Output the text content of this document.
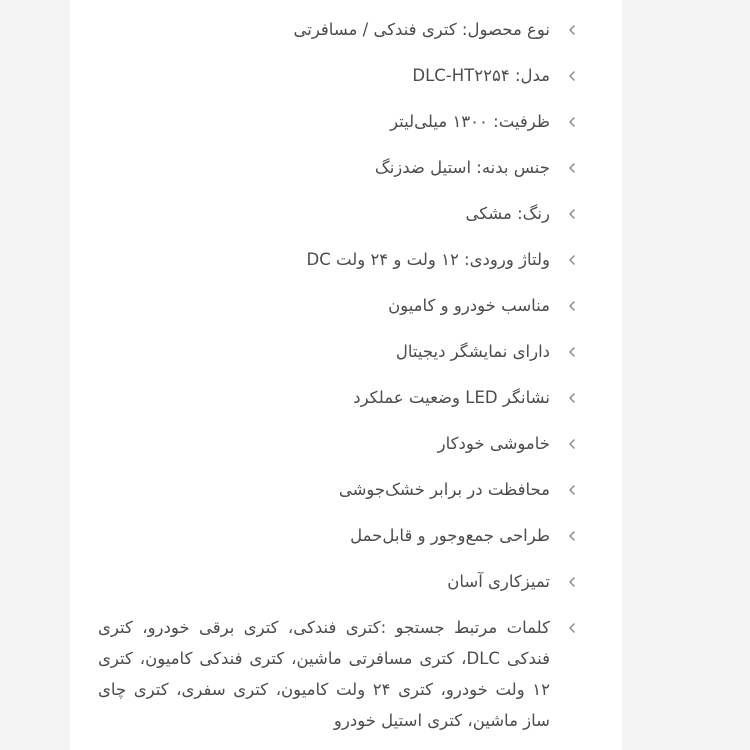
نوع محصول: کتری فندکی / مسافرتی
مدل: DLC-HT۲۲۵۴
ظرفیت: ۱۳۰۰ میلی‌لیتر
جنس بدنه: استیل ضدزنگ
رنگ: مشکی
ولتاژ ورودی: ۱۲ ولت و ۲۴ ولت DC
مناسب خودرو و کامیون
دارای نمایشگر دیجیتال
نشانگر LED وضعیت عملکرد
خاموشی خودکار
محافظت در برابر خشک‌جوشی
طراحی جمع‌وجور و قابل‌حمل
تمیزکاری آسان
کلمات مرتبط جستجو :کتری فندکی، کتری برقی خودرو، کتری فندکی DLC، کتری مسافرتی ماشین، کتری فندکی کامیون، کتری ۱۲ ولت خودرو، کتری ۲۴ ولت کامیون، کتری سفری، کتری چای ساز ماشین، کتری استیل خودرو
